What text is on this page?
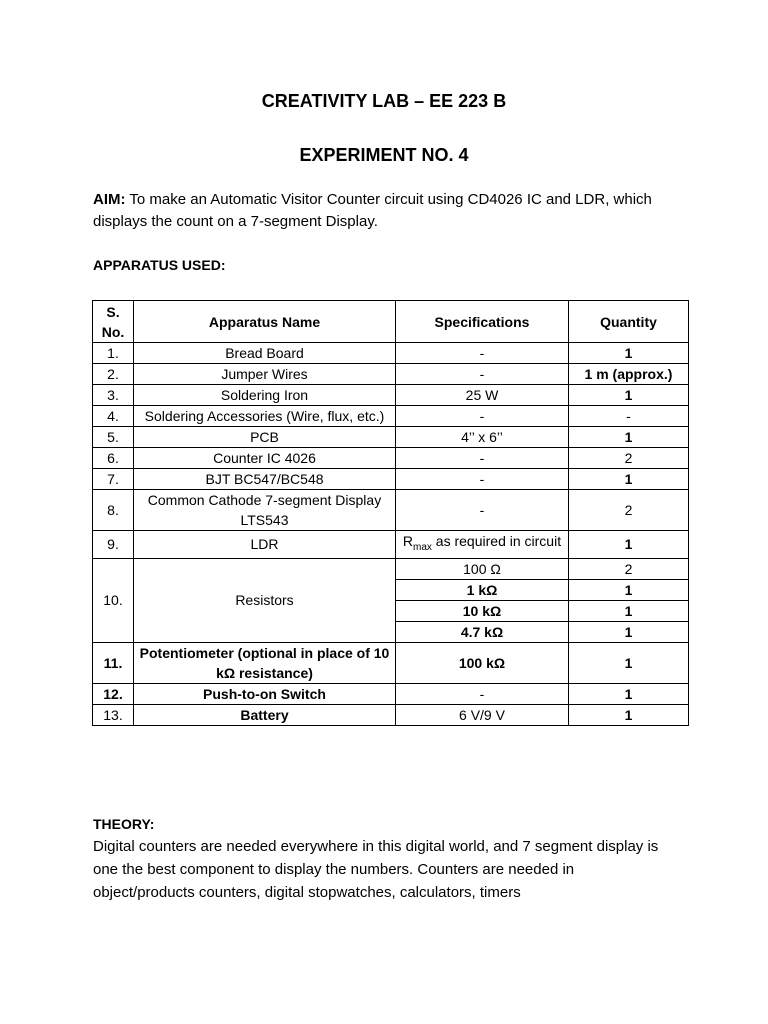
CREATIVITY LAB – EE 223 B
EXPERIMENT NO. 4

AIM: To make an Automatic Visitor Counter circuit using CD4026 IC and LDR, which displays the count on a 7-segment Display.

APPARATUS USED:

S. No.	Apparatus Name	Specifications	Quantity
1.	Bread Board	-	1
2.	Jumper Wires	-	1 m (approx.)
3.	Soldering Iron	25 W	1
4.	Soldering Accessories (Wire, flux, etc.)	-	-
5.	PCB	4’’ x 6’’	1
6.	Counter IC 4026	-	2
7.	BJT BC547/BC548	-	1
8.	Common Cathode 7-segment Display LTS543	-	2
9.	LDR	$R_{max}$ as required in circuit	1
10.	Resistors	100 Ω	2
		1 kΩ	1
		10 kΩ	1
		4.7 kΩ	1
11.	Potentiometer (optional in place of 10 kΩ resistance)	100 kΩ	1
12.	Push-to-on Switch	-	1
13.	Battery	6 V/9 V	1

THEORY:

Digital counters are needed everywhere in this digital world, and 7 segment display is one the best component to display the numbers. Counters are needed in object/products counters, digital stopwatches, calculators, timers
